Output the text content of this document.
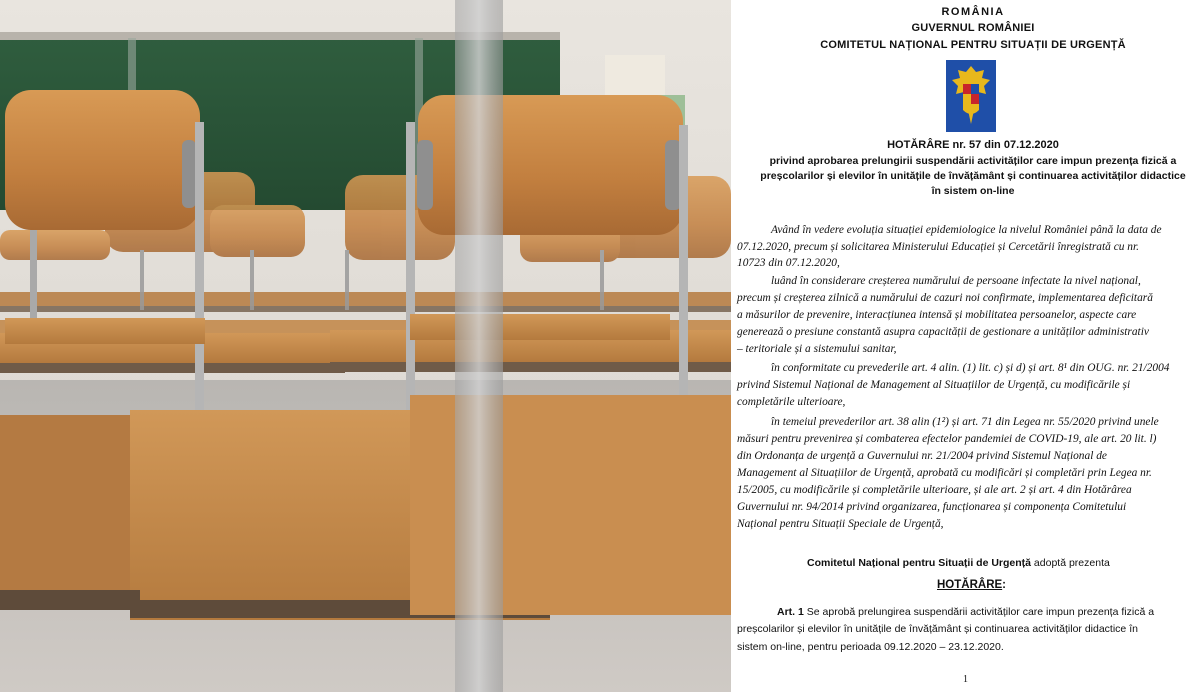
ROMÂNIA
GUVERNUL ROMÂNIEI
COMITETUL NAȚIONAL PENTRU SITUAȚII DE URGENȚĂ
HOTĂRÂRE nr. 57 din 07.12.2020
privind aprobarea prelungirii suspendării activităților care impun prezența fizică a
preșcolarilor și elevilor în unitățile de învățământ și continuarea activităților didactice
în sistem on-line
Având în vedere evoluția situației epidemiologice la nivelul României până la data de
07.12.2020, precum și solicitarea Ministerului Educației și Cercetării înregistrată cu nr.
10723 din 07.12.2020,
luând în considerare creșterea numărului de persoane infectate la nivel național,
precum și creșterea zilnică a numărului de cazuri noi confirmate, implementarea deficitară
a măsurilor de prevenire, interacțiunea intensă și mobilitatea persoanelor, aspecte care
generează o presiune constantă asupra capacității de gestionare a unităților administrativ
– teritoriale și a sistemului sanitar,
în conformitate cu prevederile art. 4 alin. (1) lit. c) și d) și art. 8¹ din OUG. nr. 21/2004
privind Sistemul Național de Management al Situațiilor de Urgență, cu modificările și
completările ulterioare,
în temeiul prevederilor art. 38 alin (1²) și art. 71 din Legea nr. 55/2020 privind unele
măsuri pentru prevenirea și combaterea efectelor pandemiei de COVID-19, ale art. 20 lit. l)
din Ordonanța de urgență a Guvernului nr. 21/2004 privind Sistemul Național de
Management al Situațiilor de Urgență, aprobată cu modificări și completări prin Legea nr.
15/2005, cu modificările și completările ulterioare, și ale art. 2 și art. 4 din Hotărârea
Guvernului nr. 94/2014 privind organizarea, funcționarea și componența Comitetului
Național pentru Situații Speciale de Urgență,
Comitetul Național pentru Situații de Urgență adoptă prezenta
HOTĂRÂRE:
Art. 1 Se aprobă prelungirea suspendării activităților care impun prezența fizică a
preșcolarilor și elevilor în unitățile de învățământ și continuarea activităților didactice în
sistem on-line, pentru perioada 09.12.2020 – 23.12.2020.
1
